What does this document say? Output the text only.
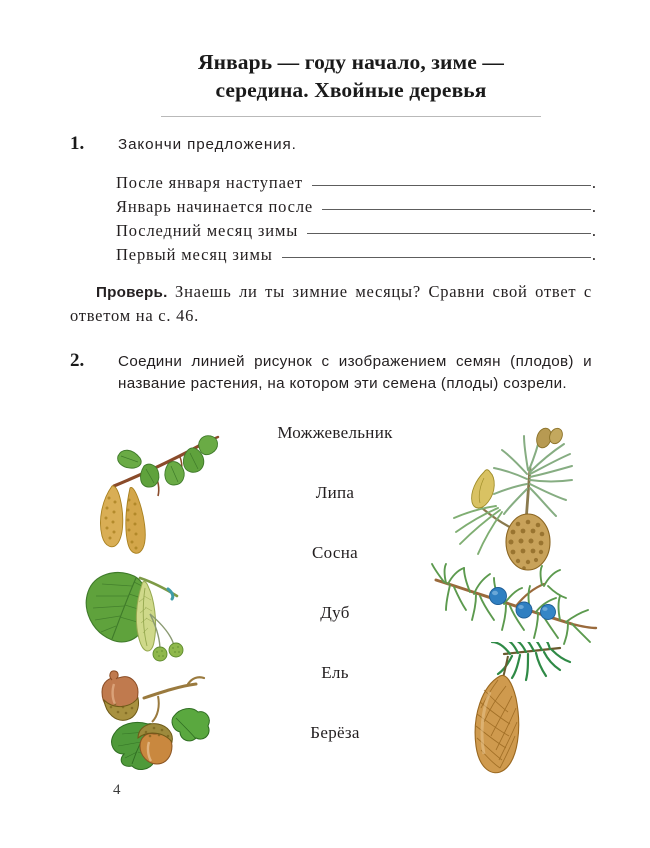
Январь — году начало, зиме —
середина. Хвойные деревья
1. Закончи предложения.
После января наступает	.
Январь начинается после	.
Последний месяц зимы	.
Первый месяц зимы	.
Проверь. Знаешь ли ты зимние месяцы? Сравни свой ответ с ответом на с. 46.
2. Соедини линией рисунок с изображением семян (плодов) и название растения, на котором эти семена (плоды) созрели.
Можжевельник
Липа
Сосна
Дуб
Ель
Берёза
4
